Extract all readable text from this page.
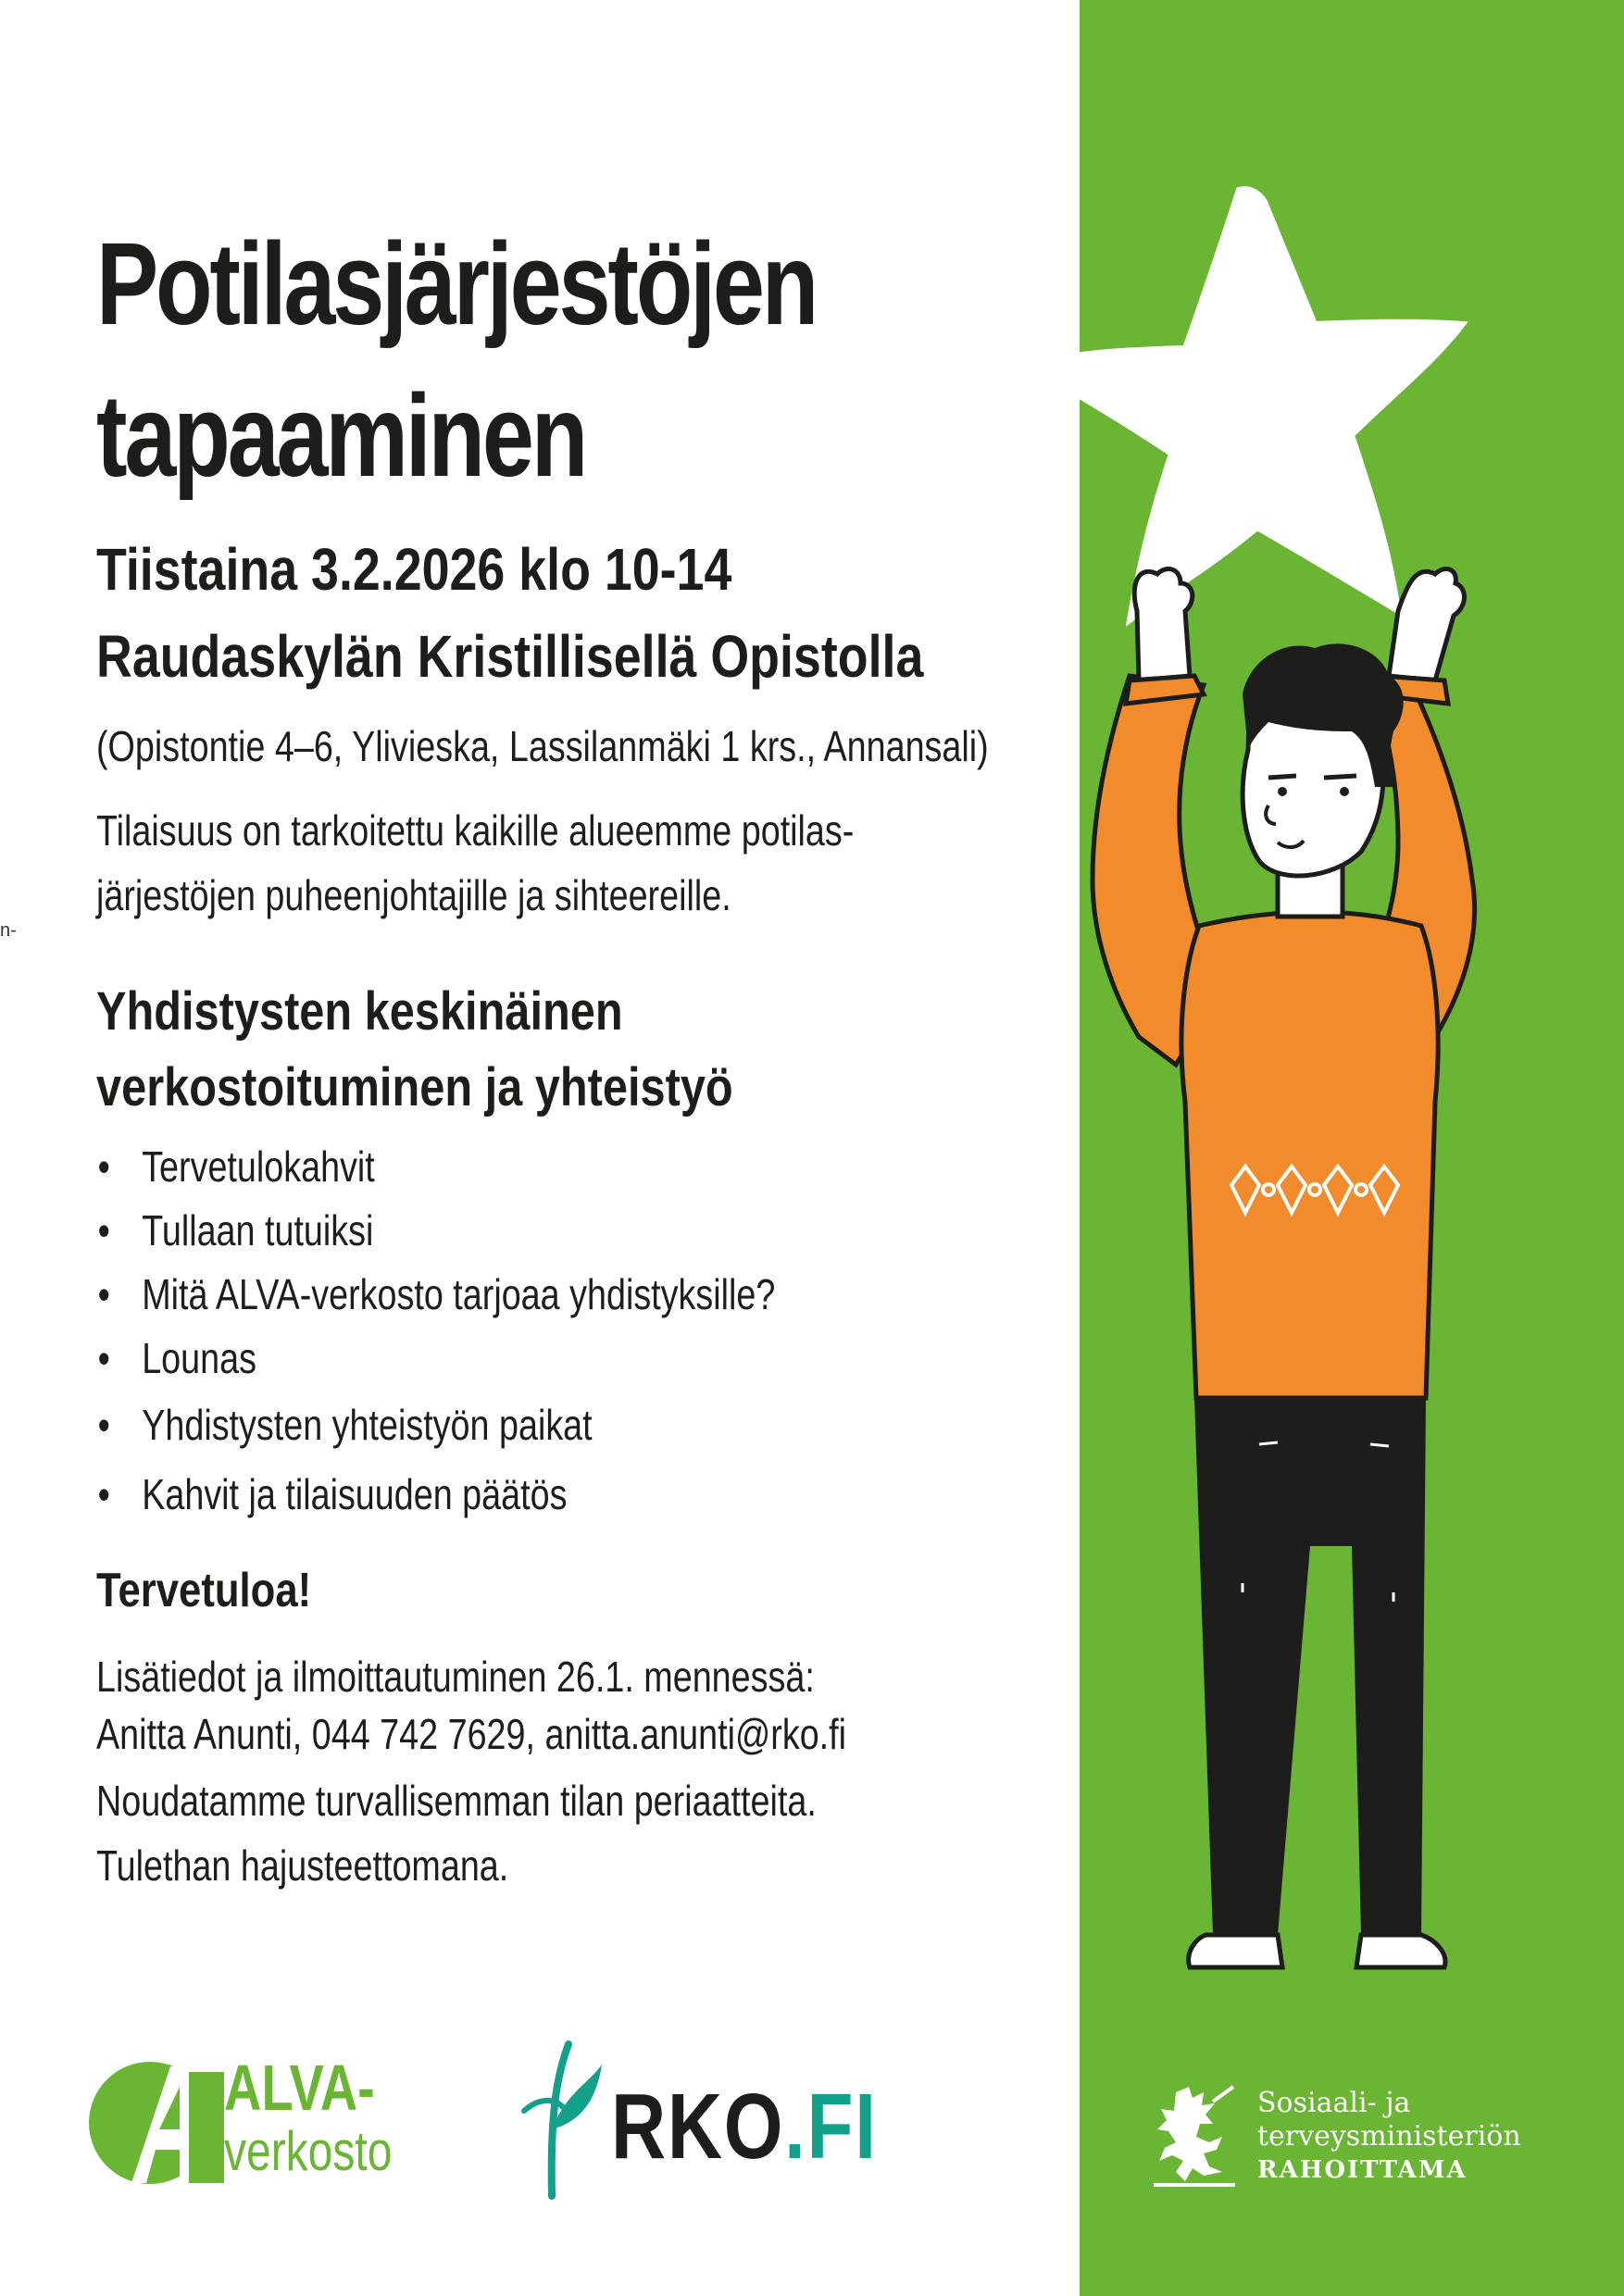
Potilasjärjestöjen
tapaaminen
Tiistaina 3.2.2026 klo 10-14
Raudaskylän Kristillisellä Opistolla
(Opistontie 4–6, Ylivieska, Lassilanmäki 1 krs., Annansali)
Tilaisuus on tarkoitettu kaikille alueemme potilas-
järjestöjen puheenjohtajille ja sihteereille.
n-
Yhdistysten keskinäinen
verkostoituminen ja yhteistyö
• Tervetulokahvit
• Tullaan tutuiksi
• Mitä ALVA-verkosto tarjoaa yhdistyksille?
• Lounas
• Yhdistysten yhteistyön paikat
• Kahvit ja tilaisuuden päätös
Tervetuloa!
Lisätiedot ja ilmoittautuminen 26.1. mennessä:
Anitta Anunti, 044 742 7629, anitta.anunti@rko.fi
Noudatamme turvallisemman tilan periaatteita.
Tulethan hajusteettomana.
ALVA-
verkosto RKO.FI	Sosiaali- ja
terveysministeriön
RAHOITTAMA
